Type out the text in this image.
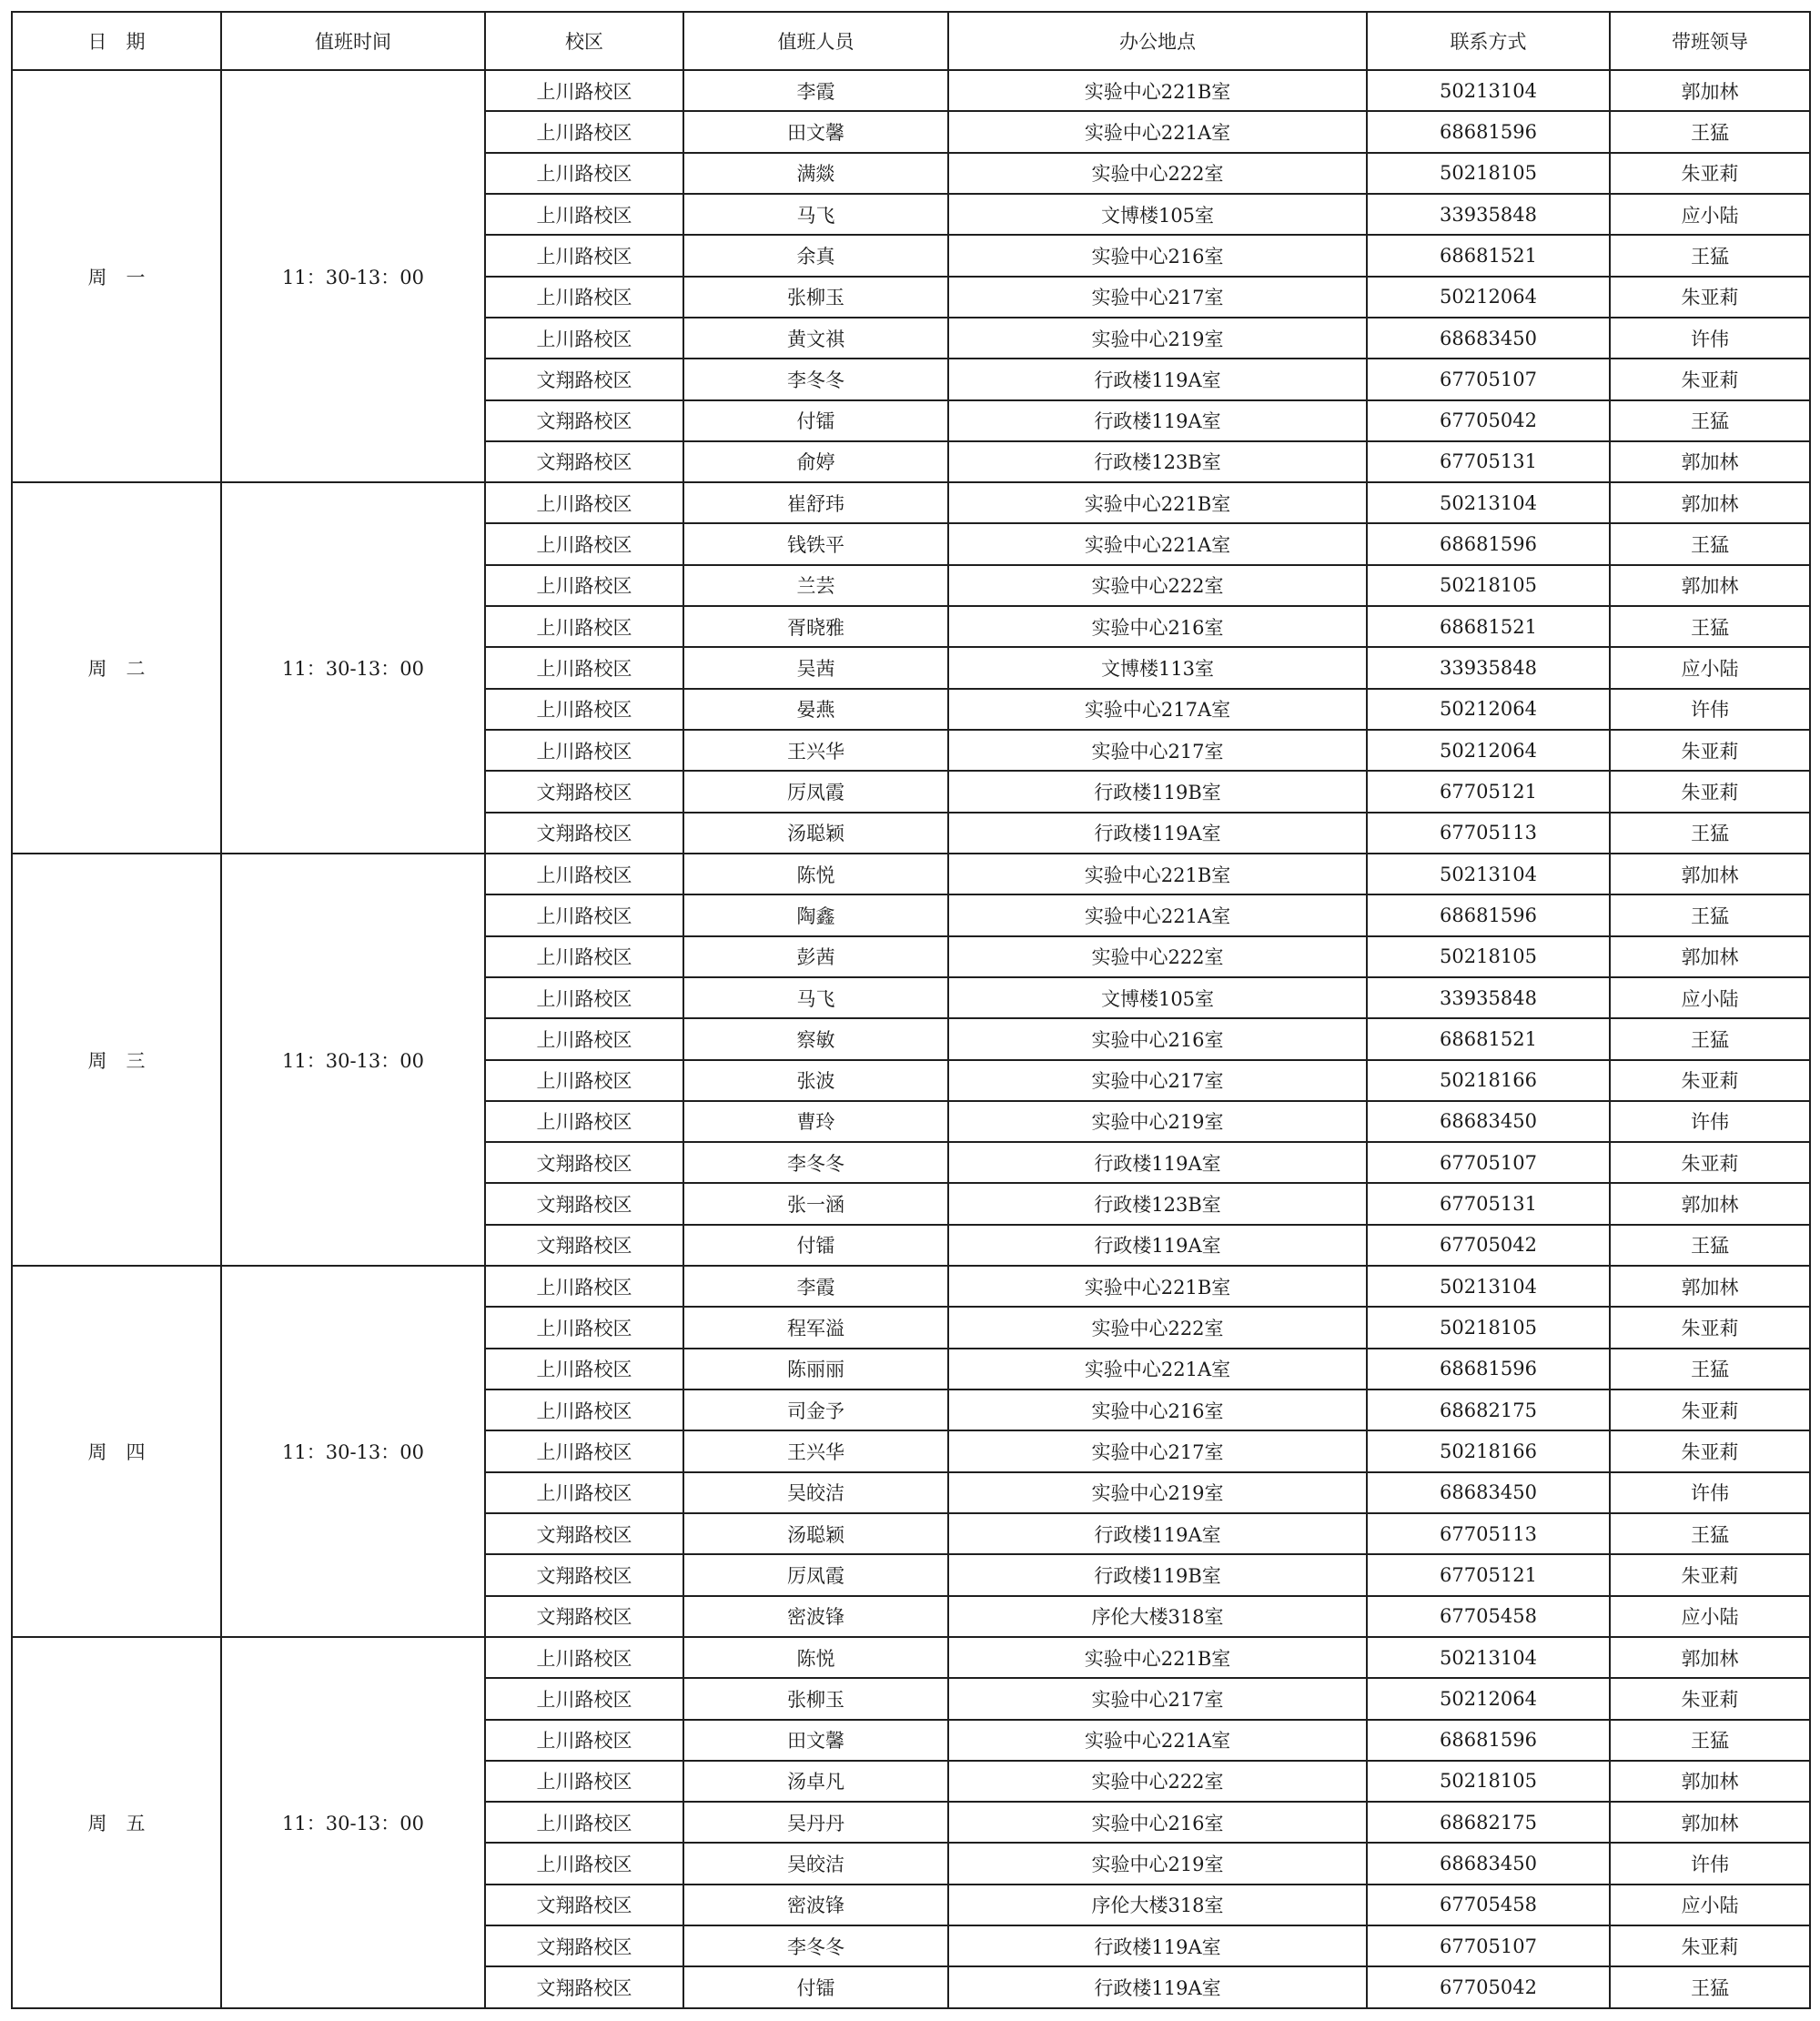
日　期	值班时间	校区	值班人员	办公地点	联系方式	带班领导
周　一	11：30-13：00	上川路校区	李霞	实验中心221B室	50213104	郭加林
		上川路校区	田文馨	实验中心221A室	68681596	王猛
		上川路校区	满燚	实验中心222室	50218105	朱亚莉
		上川路校区	马飞	文博楼105室	33935848	应小陆
		上川路校区	余真	实验中心216室	68681521	王猛
		上川路校区	张柳玉	实验中心217室	50212064	朱亚莉
		上川路校区	黄文祺	实验中心219室	68683450	许伟
		文翔路校区	李冬冬	行政楼119A室	67705107	朱亚莉
		文翔路校区	付镭	行政楼119A室	67705042	王猛
		文翔路校区	俞婷	行政楼123B室	67705131	郭加林
周　二	11：30-13：00	上川路校区	崔舒玮	实验中心221B室	50213104	郭加林
		上川路校区	钱铁平	实验中心221A室	68681596	王猛
		上川路校区	兰芸	实验中心222室	50218105	郭加林
		上川路校区	胥晓雅	实验中心216室	68681521	王猛
		上川路校区	吴茜	文博楼113室	33935848	应小陆
		上川路校区	晏燕	实验中心217A室	50212064	许伟
		上川路校区	王兴华	实验中心217室	50212064	朱亚莉
		文翔路校区	厉凤霞	行政楼119B室	67705121	朱亚莉
		文翔路校区	汤聪颖	行政楼119A室	67705113	王猛
周　三	11：30-13：00	上川路校区	陈悦	实验中心221B室	50213104	郭加林
		上川路校区	陶鑫	实验中心221A室	68681596	王猛
		上川路校区	彭茜	实验中心222室	50218105	郭加林
		上川路校区	马飞	文博楼105室	33935848	应小陆
		上川路校区	察敏	实验中心216室	68681521	王猛
		上川路校区	张波	实验中心217室	50218166	朱亚莉
		上川路校区	曹玲	实验中心219室	68683450	许伟
		文翔路校区	李冬冬	行政楼119A室	67705107	朱亚莉
		文翔路校区	张一涵	行政楼123B室	67705131	郭加林
		文翔路校区	付镭	行政楼119A室	67705042	王猛
周　四	11：30-13：00	上川路校区	李霞	实验中心221B室	50213104	郭加林
		上川路校区	程军溢	实验中心222室	50218105	朱亚莉
		上川路校区	陈丽丽	实验中心221A室	68681596	王猛
		上川路校区	司金予	实验中心216室	68682175	朱亚莉
		上川路校区	王兴华	实验中心217室	50218166	朱亚莉
		上川路校区	吴皎洁	实验中心219室	68683450	许伟
		文翔路校区	汤聪颖	行政楼119A室	67705113	王猛
		文翔路校区	厉凤霞	行政楼119B室	67705121	朱亚莉
		文翔路校区	密波锋	序伦大楼318室	67705458	应小陆
周　五	11：30-13：00	上川路校区	陈悦	实验中心221B室	50213104	郭加林
		上川路校区	张柳玉	实验中心217室	50212064	朱亚莉
		上川路校区	田文馨	实验中心221A室	68681596	王猛
		上川路校区	汤卓凡	实验中心222室	50218105	郭加林
		上川路校区	吴丹丹	实验中心216室	68682175	郭加林
		上川路校区	吴皎洁	实验中心219室	68683450	许伟
		文翔路校区	密波锋	序伦大楼318室	67705458	应小陆
		文翔路校区	李冬冬	行政楼119A室	67705107	朱亚莉
		文翔路校区	付镭	行政楼119A室	67705042	王猛
